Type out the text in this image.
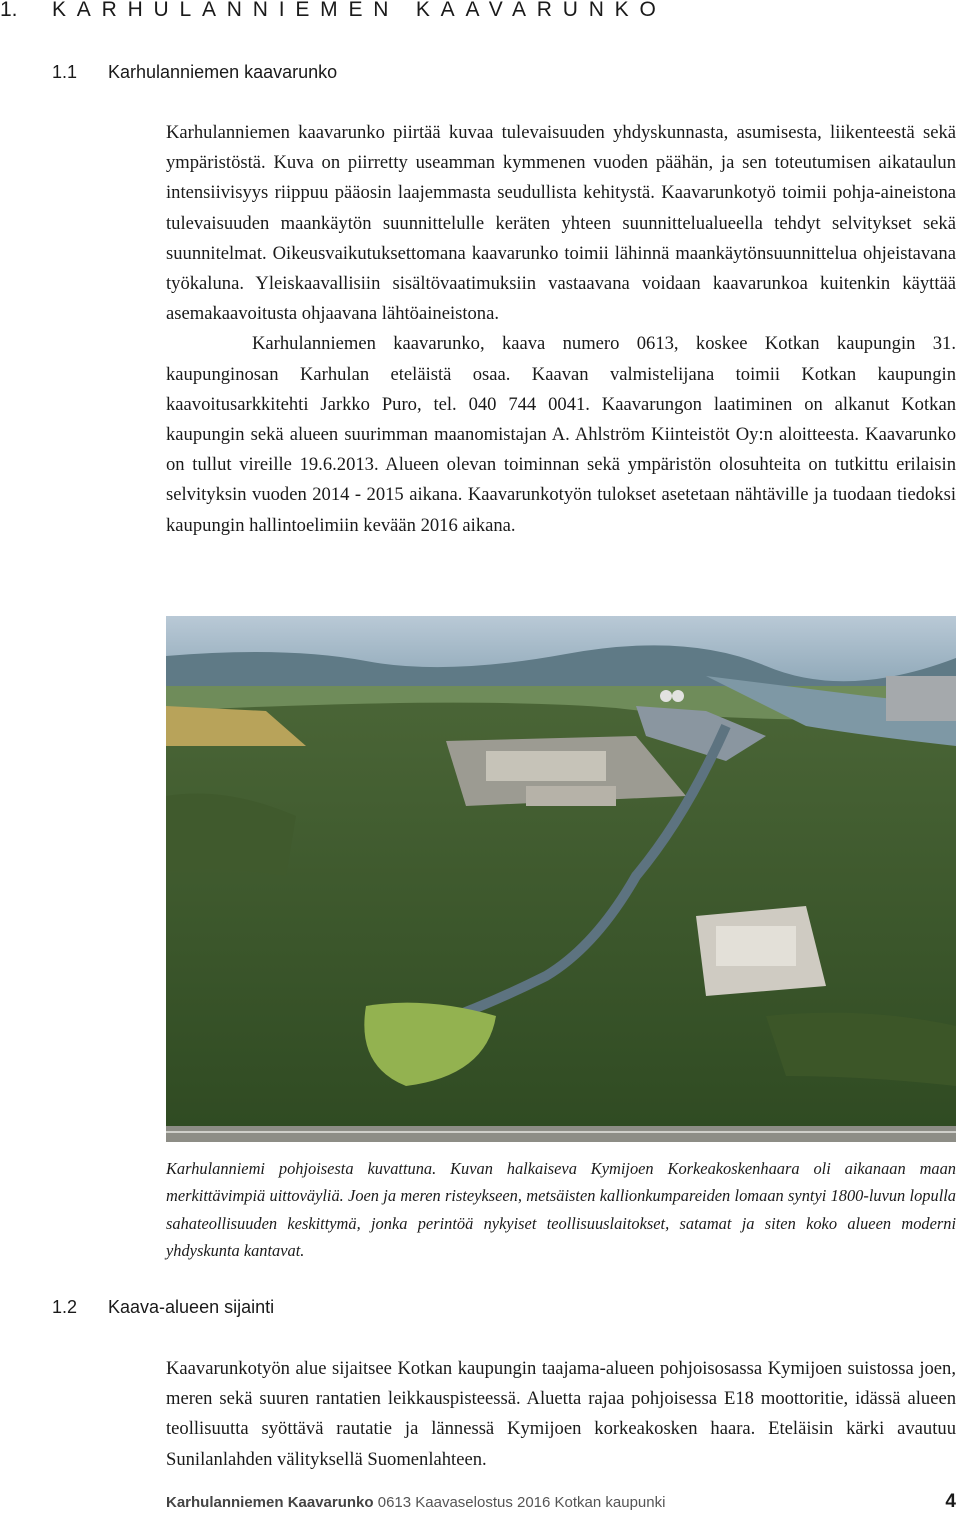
1. KARHULANNIEMEN KAAVARUNKO
1.1 Karhulanniemen kaavarunko

Karhulanniemen kaavarunko piirtää kuvaa tulevaisuuden yhdyskunnasta, asumisesta, liikenteestä sekä ympäristöstä. Kuva on piirretty useamman kymmenen vuoden päähän, ja sen toteutumisen aikataulun intensiivisyys riippuu pääosin laajemmasta seudullista kehitystä. Kaavarunkotyö toimii pohja-aineistona tulevaisuuden maankäytön suunnittelulle keräten yhteen suunnittelualueella tehdyt selvitykset sekä suunnitelmat. Oikeusvaikutuksettomana kaavarunko toimii lähinnä maankäytönsuunnittelua ohjeistavana työkaluna. Yleiskaavallisiin sisältövaatimuksiin vastaavana voidaan kaavarunkoa kuitenkin käyttää asemakaavoitusta ohjaavana lähtöaineistona.

Karhulanniemen kaavarunko, kaava numero 0613, koskee Kotkan kaupungin 31. kaupunginosan Karhulan eteläistä osaa. Kaavan valmistelijana toimii Kotkan kaupungin kaavoitusarkkitehti Jarkko Puro, tel. 040 744 0041. Kaavarungon laatiminen on alkanut Kotkan kaupungin sekä alueen suurimman maanomistajan A. Ahlström Kiinteistöt Oy:n aloitteesta. Kaavarunko on tullut vireille 19.6.2013. Alueen olevan toiminnan sekä ympäristön olosuhteita on tutkittu erilaisin selvityksin vuoden 2014 - 2015 aikana. Kaavarunkotyön tulokset asetetaan nähtäville ja tuodaan tiedoksi kaupungin hallintoelimiin kevään 2016 aikana.

Karhulanniemi pohjoisesta kuvattuna. Kuvan halkaiseva Kymijoen Korkeakoskenhaara oli aikanaan maan merkittävimpiä uittoväyliä. Joen ja meren risteykseen, metsäisten kallionkumpareiden lomaan syntyi 1800-luvun lopulla sahateollisuuden keskittymä, jonka perintöä nykyiset teollisuuslaitokset, satamat ja siten koko alueen moderni yhdyskunta kantavat.
1.2 Kaava-alueen sijainti

Kaavarunkotyön alue sijaitsee Kotkan kaupungin taajama-alueen pohjoisosassa Kymijoen suistossa joen, meren sekä suuren rantatien leikkauspisteessä. Aluetta rajaa pohjoisessa E18 moottoritie, idässä alueen teollisuutta syöttävä rautatie ja lännessä Kymijoen korkeakosken haara. Eteläisin kärki avautuu Sunilanlahden välityksellä Suomenlahteen.

Karhulanniemen Kaavarunko 0613 Kaavaselostus 2016 Kotkan kaupunki	4
